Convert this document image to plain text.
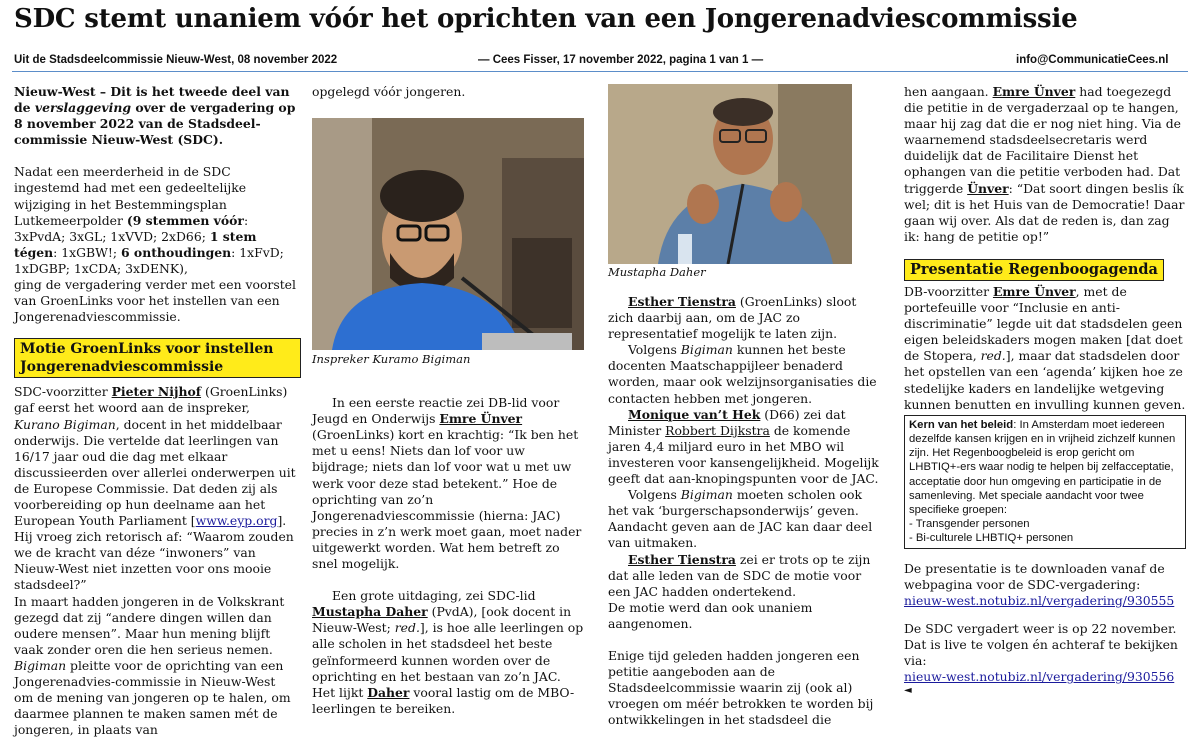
SDC stemt unaniem vóór het oprichten van een Jongerenadviescommissie
Uit de Stadsdeelcommissie Nieuw-West, 08 november 2022	— Cees Fisser, 17 november 2022, pagina 1 van 1 —	info@CommunicatieCees.nl

Nieuw-West – Dit is het tweede deel van de verslaggeving over de vergadering op 8 november 2022 van de Stadsdeel-commissie Nieuw-West (SDC).

Nadat een meerderheid in de SDC ingestemd had met een gedeeltelijke wijziging in het Bestemmingsplan Lutkemeerpolder (9 stemmen vóór: 3xPvdA; 3xGL; 1xVVD; 2xD66; 1 stem tégen: 1xGBW!; 6 onthoudingen: 1xFvD; 1xDGBP; 1xCDA; 3xDENK),
ging de vergadering verder met een voorstel van GroenLinks voor het instellen van een Jongerenadviescommissie.

Motie GroenLinks voor instellen Jongerenadviescommissie

SDC-voorzitter Pieter Nijhof (GroenLinks) gaf eerst het woord aan de inspreker, Kurano Bigiman, docent in het middelbaar onderwijs. Die vertelde dat leerlingen van 16/17 jaar oud die dag met elkaar discussieerden over allerlei onderwerpen uit de Europese Commissie. Dat deden zij als voorbereiding op hun deelname aan het European Youth Parliament [www.eyp.org].

Hij vroeg zich retorisch af: “Waarom zouden we de kracht van déze “inwoners” van Nieuw-West niet inzetten voor ons mooie stadsdeel?”

In maart hadden jongeren in de Volkskrant gezegd dat zij “andere dingen willen dan oudere mensen”. Maar hun mening blijft vaak zonder oren die hen serieus nemen. Bigiman pleitte voor de oprichting van een Jongerenadvies-commissie in Nieuw-West om de mening van jongeren op te halen, om daarmee plannen te maken samen mét de jongeren, in plaats van

opgelegd vóór jongeren.

Inspreker Kuramo Bigiman

In een eerste reactie zei DB-lid voor Jeugd en Onderwijs Emre Ünver (GroenLinks) kort en krachtig: “Ik ben het met u eens! Niets dan lof voor uw bijdrage; niets dan lof voor wat u met uw werk voor deze stad betekent.” Hoe de oprichting van zo’n Jongerenadviescommissie (hierna: JAC) precies in z’n werk moet gaan, moet nader uitgewerkt worden. Wat hem betreft zo snel mogelijk.

Een grote uitdaging, zei SDC-lid Mustapha Daher (PvdA), [ook docent in Nieuw-West; red.], is hoe alle leerlingen op alle scholen in het stadsdeel het beste geïnformeerd kunnen worden over de oprichting en het bestaan van zo’n JAC. Het lijkt Daher vooral lastig om de MBO-leerlingen te bereiken.

Mustapha Daher

Esther Tienstra (GroenLinks) sloot zich daarbij aan, om de JAC zo representatief mogelijk te laten zijn.

Volgens Bigiman kunnen het beste docenten Maatschappijleer benaderd worden, maar ook welzijnsorganisaties die contacten hebben met jongeren.

Monique van’t Hek (D66) zei dat Minister Robbert Dijkstra de komende jaren 4,4 miljard euro in het MBO wil investeren voor kansengelijkheid. Mogelijk geeft dat aan-knopingspunten voor de JAC.

Volgens Bigiman moeten scholen ook het vak ‘burgerschapsonderwijs’ geven. Aandacht geven aan de JAC kan daar deel van uitmaken.

Esther Tienstra zei er trots op te zijn dat alle leden van de SDC de motie voor een JAC hadden ondertekend.

De motie werd dan ook unaniem aangenomen.

Enige tijd geleden hadden jongeren een petitie aangeboden aan de Stadsdeelcommissie waarin zij (ook al) vroegen om méér betrokken te worden bij ontwikkelingen in het stadsdeel die

hen aangaan. Emre Ünver had toegezegd die petitie in de vergaderzaal op te hangen, maar hij zag dat die er nog niet hing. Via de waarnemend stadsdeelsecretaris werd duidelijk dat de Facilitaire Dienst het ophangen van die petitie verboden had. Dat triggerde Ünver: “Dat soort dingen beslis ík wel; dit is het Huis van de Democratie! Daar gaan wij over. Als dat de reden is, dan zag ik: hang de petitie op!”

Presentatie Regenboogagenda

DB-voorzitter Emre Ünver, met de portefeuille voor “Inclusie en anti-discriminatie” legde uit dat stadsdelen geen eigen beleidskaders mogen maken [dat doet de Stopera, red.], maar dat stadsdelen door het opstellen van een ‘agenda’ kijken hoe ze stedelijke kaders en landelijke wetgeving kunnen benutten en invulling kunnen geven.

Kern van het beleid: In Amsterdam moet iedereen dezelfde kansen krijgen en in vrijheid zichzelf kunnen zijn. Het Regenboogbeleid is erop gericht om LHBTIQ+-ers waar nodig te helpen bij zelfacceptatie, acceptatie door hun omgeving en participatie in de samenleving. Met speciale aandacht voor twee specifieke groepen:
- Transgender personen
- Bi-culturele LHBTIQ+ personen

De presentatie is te downloaden vanaf de webpagina voor de SDC-vergadering:

nieuw-west.notubiz.nl/vergadering/930555

De SDC vergadert weer is op 22 november. Dat is live te volgen én achteraf te bekijken via:

nieuw-west.notubiz.nl/vergadering/930556

◄
